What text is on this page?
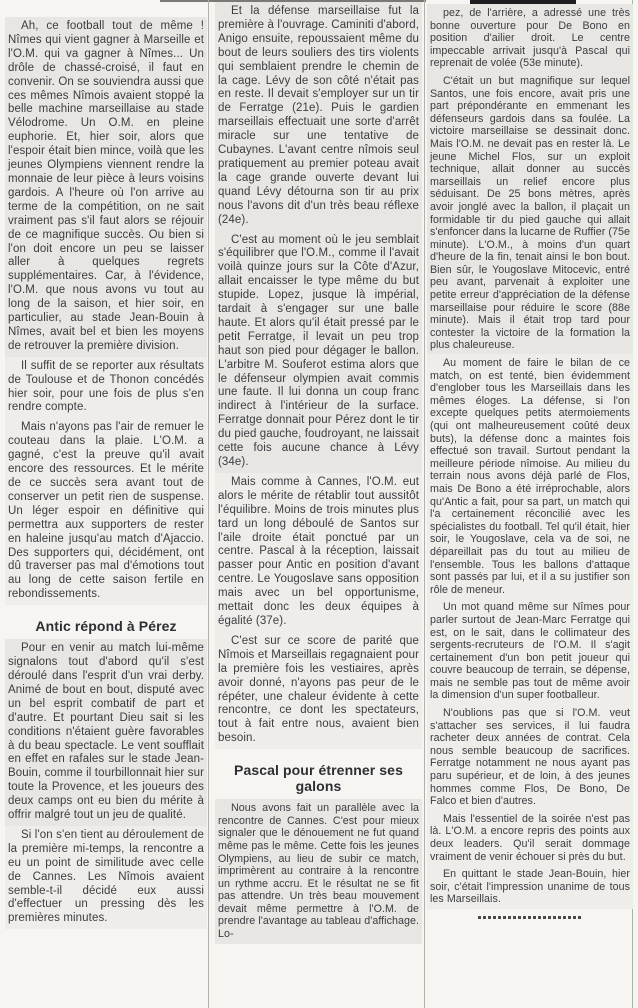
Ah, ce football tout de même ! Nîmes qui vient gagner à Marseille et l'O.M. qui va gagner à Nîmes... Un drôle de chassé-croisé, il faut en convenir. On se souviendra aussi que ces mêmes Nîmois avaient stoppé la belle machine marseillaise au stade Vélodrome. Un O.M. en pleine euphorie. Et, hier soir, alors que l'espoir était bien mince, voilà que les jeunes Olympiens viennent rendre la monnaie de leur pièce à leurs voisins gardois. A l'heure où l'on arrive au terme de la compétition, on ne sait vraiment pas s'il faut alors se réjouir de ce magnifique succès. Ou bien si l'on doit encore un peu se laisser aller à quelques regrets supplémentaires. Car, à l'évidence, l'O.M. que nous avons vu tout au long de la saison, et hier soir, en particulier, au stade Jean-Bouin à Nîmes, avait bel et bien les moyens de retrouver la première division.

Il suffit de se reporter aux résultats de Toulouse et de Thonon concédés hier soir, pour une fois de plus s'en rendre compte.

Mais n'ayons pas l'air de remuer le couteau dans la plaie. L'O.M. a gagné, c'est la preuve qu'il avait encore des ressources. Et le mérite de ce succès sera avant tout de conserver un petit rien de suspense. Un léger espoir en définitive qui permettra aux supporters de rester en haleine jusqu'au match d'Ajaccio. Des supporters qui, décidément, ont dû traverser pas mal d'émotions tout au long de cette saison fertile en rebondissements.

Antic répond à Pérez

Pour en venir au match lui-même signalons tout d'abord qu'il s'est déroulé dans l'esprit d'un vrai derby. Animé de bout en bout, disputé avec un bel esprit combatif de part et d'autre. Et pourtant Dieu sait si les conditions n'étaient guère favorables à du beau spectacle. Le vent soufflait en effet en rafales sur le stade Jean-Bouin, comme il tourbillonnait hier sur toute la Provence, et les joueurs des deux camps ont eu bien du mérite à offrir malgré tout un jeu de qualité.

Si l'on s'en tient au déroulement de la première mi-temps, la rencontre a eu un point de similitude avec celle de Cannes. Les Nîmois avaient semble-t-il décidé eux aussi d'effectuer un pressing dès les premières minutes.

Et la défense marseillaise fut la première à l'ouvrage. Caminiti d'abord, Anigo ensuite, repoussaient même du bout de leurs souliers des tirs violents qui semblaient prendre le chemin de la cage. Lévy de son côté n'était pas en reste. Il devait s'employer sur un tir de Ferratge (21e). Puis le gardien marseillais effectuait une sorte d'arrêt miracle sur une tentative de Cubaynes. L'avant centre nîmois seul pratiquement au premier poteau avait la cage grande ouverte devant lui quand Lévy détourna son tir au prix nous l'avons dit d'un très beau réflexe (24e).

C'est au moment où le jeu semblait s'équilibrer que l'O.M., comme il l'avait voilà quinze jours sur la Côte d'Azur, allait encaisser le type même du but stupide. Lopez, jusque là impérial, tardait à s'engager sur une balle haute. Et alors qu'il était pressé par le petit Ferratge, il levait un peu trop haut son pied pour dégager le ballon. L'arbitre M. Souferot estima alors que le défenseur olympien avait commis une faute. Il lui donna un coup franc indirect à l'intérieur de la surface. Ferratge donnait pour Pérez dont le tir du pied gauche, foudroyant, ne laissait cette fois aucune chance à Lévy (34e).

Mais comme à Cannes, l'O.M. eut alors le mérite de rétablir tout aussitôt l'équilibre. Moins de trois minutes plus tard un long déboulé de Santos sur l'aile droite était ponctué par un centre. Pascal à la réception, laissait passer pour Antic en position d'avant centre. Le Yougoslave sans opposition mais avec un bel opportunisme, mettait donc les deux équipes à égalité (37e).

C'est sur ce score de parité que Nîmois et Marseillais regagnaient pour la première fois les vestiaires, après avoir donné, n'ayons pas peur de le répéter, une chaleur évidente à cette rencontre, ce dont les spectateurs, tout à fait entre nous, avaient bien besoin.

Pascal pour étrenner ses galons

Nous avons fait un parallèle avec la rencontre de Cannes. C'est pour mieux signaler que le dénouement ne fut quand même pas le même. Cette fois les jeunes Olympiens, au lieu de subir ce match, imprimèrent au contraire à la rencontre un rythme accru. Et le résultat ne se fit pas attendre. Un très beau mouvement devait même permettre à l'O.M. de prendre l'avantage au tableau d'affichage. Lo-

pez, de l'arrière, a adressé une très bonne ouverture pour De Bono en position d'ailier droit. Le centre impeccable arrivait jusqu'à Pascal qui reprenait de volée (53e minute).

C'était un but magnifique sur lequel Santos, une fois encore, avait pris une part prépondérante en emmenant les défenseurs gardois dans sa foulée. La victoire marseillaise se dessinait donc. Mais l'O.M. ne devait pas en rester là. Le jeune Michel Flos, sur un exploit technique, allait donner au succès marseillais un relief encore plus séduisant. De 25 bons mètres, après avoir jonglé avec la ballon, il plaçait un formidable tir du pied gauche qui allait s'enfoncer dans la lucarne de Ruffier (75e minute). L'O.M., à moins d'un quart d'heure de la fin, tenait ainsi le bon bout. Bien sûr, le Yougoslave Mitocevic, entré peu avant, parvenait à exploiter une petite erreur d'appréciation de la défense marseillaise pour réduire le score (88e minute). Mais il était trop tard pour contester la victoire de la formation la plus chaleureuse.

Au moment de faire le bilan de ce match, on est tenté, bien évidemment d'englober tous les Marseillais dans les mêmes éloges. La défense, si l'on excepte quelques petits atermoiements (qui ont malheureusement coûté deux buts), la défense donc a maintes fois effectué son travail. Surtout pendant la meilleure période nîmoise. Au milieu du terrain nous avons déjà parlé de Flos, mais De Bono a été irréprochable, alors qu'Antic a fait, pour sa part, un match qui l'a certainement réconcilié avec les spécialistes du football. Tel qu'il était, hier soir, le Yougoslave, cela va de soi, ne dépareillait pas du tout au milieu de l'ensemble. Tous les ballons d'attaque sont passés par lui, et il a su justifier son rôle de meneur.

Un mot quand même sur Nîmes pour parler surtout de Jean-Marc Ferratge qui est, on le sait, dans le collimateur des sergents-recruteurs de l'O.M. Il s'agit certainement d'un bon petit joueur qui couvre beaucoup de terrain, se dépense, mais ne semble pas tout de même avoir la dimension d'un super footballeur.

N'oublions pas que si l'O.M. veut s'attacher ses services, il lui faudra racheter deux années de contrat. Cela nous semble beaucoup de sacrifices. Ferratge notamment ne nous ayant pas paru supérieur, et de loin, à des jeunes hommes comme Flos, De Bono, De Falco et bien d'autres.

Mais l'essentiel de la soirée n'est pas là. L'O.M. a encore repris des points aux deux leaders. Qu'il serait dommage vraiment de venir échouer si près du but.

En quittant le stade Jean-Bouin, hier soir, c'était l'impression unanime de tous les Marseillais.
